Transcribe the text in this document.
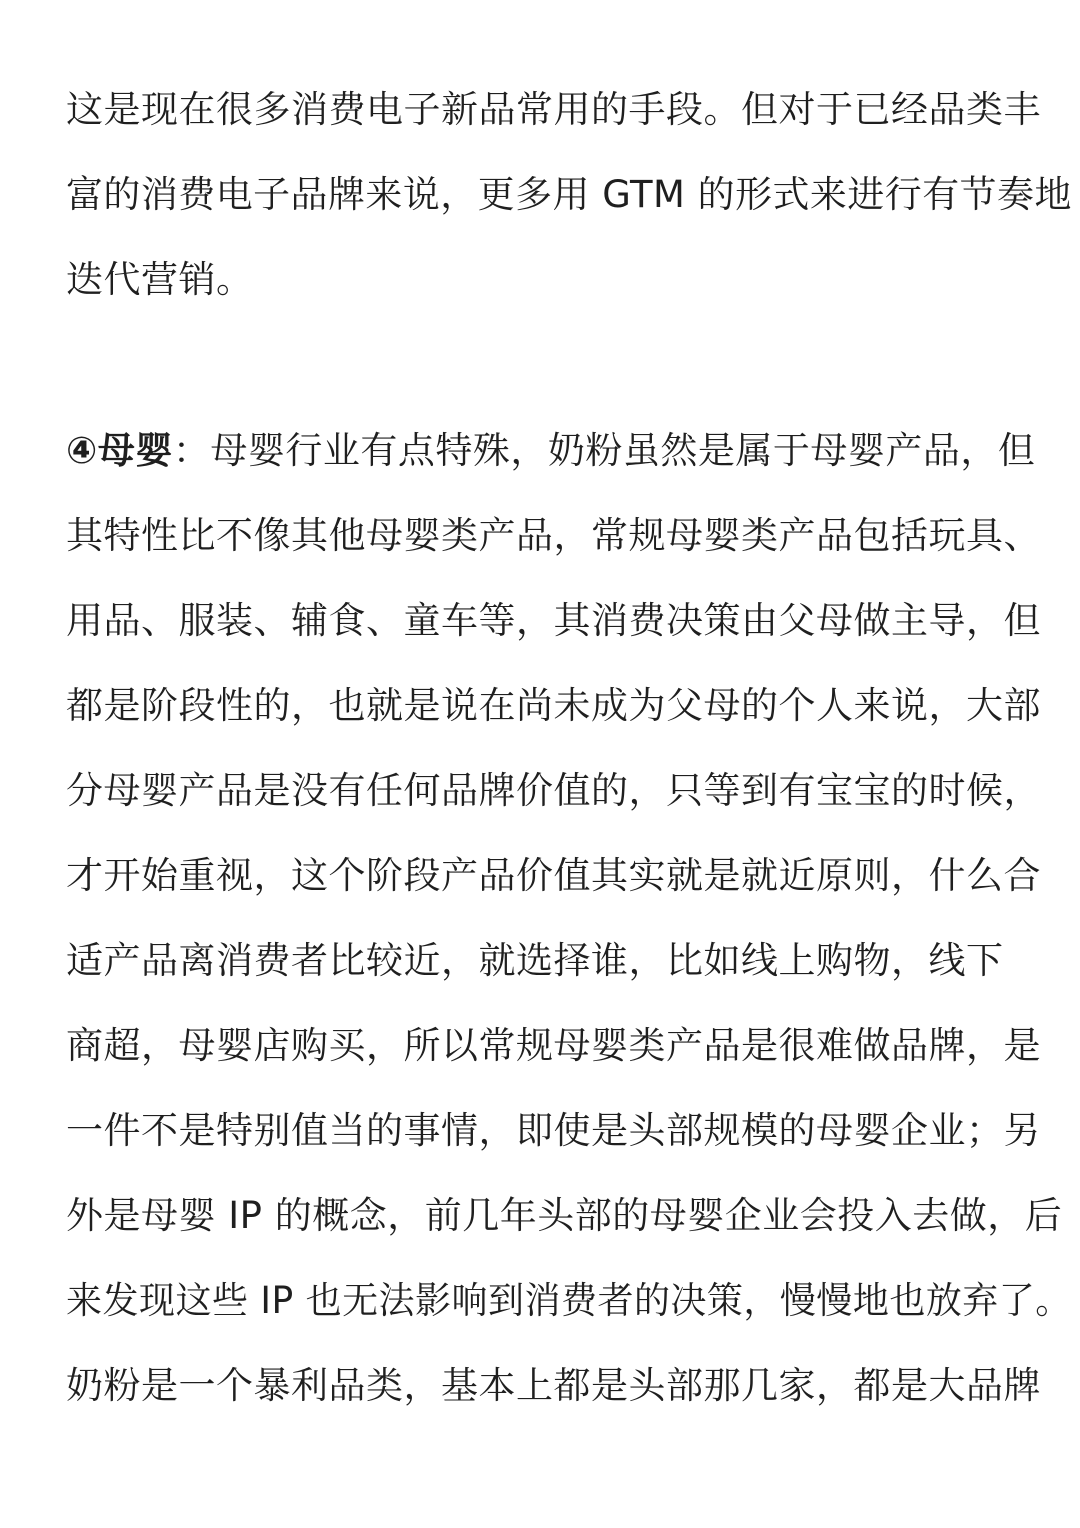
这是现在很多消费电子新品常用的手段。但对于已经品类丰
富的消费电子品牌来说，更多用 GTM 的形式来进行有节奏地
迭代营销。
④母婴：母婴行业有点特殊，奶粉虽然是属于母婴产品，但
其特性比不像其他母婴类产品，常规母婴类产品包括玩具、
用品、服装、辅食、童车等，其消费决策由父母做主导，但
都是阶段性的，也就是说在尚未成为父母的个人来说，大部
分母婴产品是没有任何品牌价值的，只等到有宝宝的时候，
才开始重视，这个阶段产品价值其实就是就近原则，什么合
适产品离消费者比较近，就选择谁，比如线上购物，线下
商超，母婴店购买，所以常规母婴类产品是很难做品牌，是
一件不是特别值当的事情，即使是头部规模的母婴企业；另
外是母婴 IP 的概念，前几年头部的母婴企业会投入去做，后
来发现这些 IP 也无法影响到消费者的决策，慢慢地也放弃了。
奶粉是一个暴利品类，基本上都是头部那几家，都是大品牌
